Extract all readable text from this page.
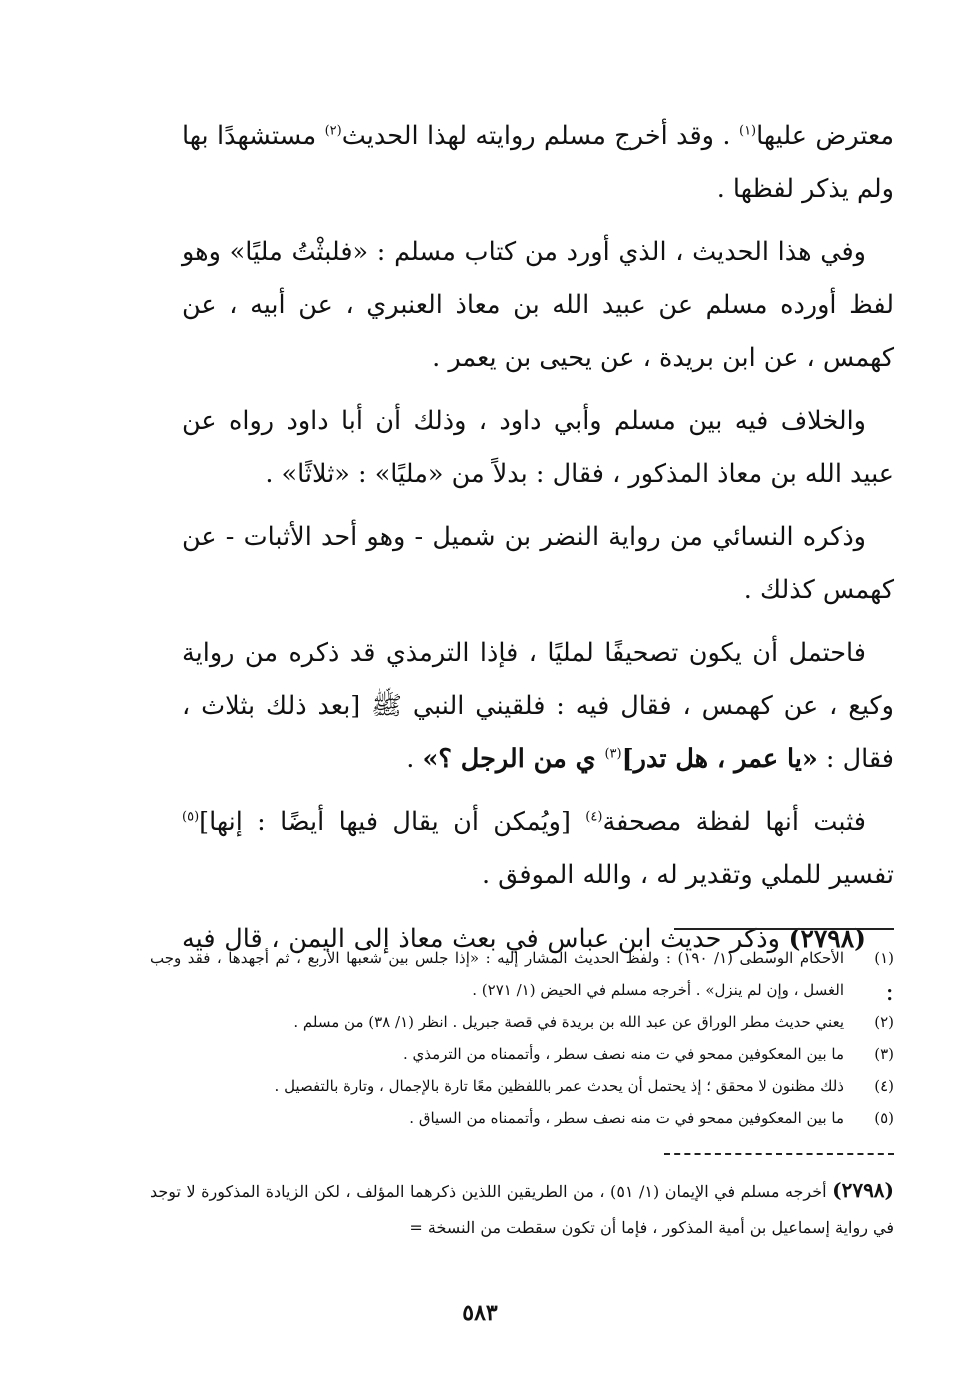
معترض عليها$^{(١)}$ . وقد أخرج مسلم روايته لهذا الحديث$^{(٢)}$ مستشهدًا بها ولم يذكر لفظها .

وفي هذا الحديث ، الذي أورد من كتاب مسلم : «فلبثْتُ مليًا» وهو لفظ أورده مسلم عن عبيد الله بن معاذ العنبري ، عن أبيه ، عن كهمس ، عن ابن بريدة ، عن يحيى بن يعمر .

والخلاف فيه بين مسلم وأبي داود ، وذلك أن أبا داود رواه عن عبيد الله بن معاذ المذكور ، فقال : بدلاً من «مليًا» : «ثلاثًا» .

وذكره النسائي من رواية النضر بن شميل - وهو أحد الأثبات - عن كهمس كذلك .

فاحتمل أن يكون تصحيفًا لمليًا ، فإذا الترمذي قد ذكره من رواية وكيع ، عن كهمس ، فقال فيه : فلقيني النبي ﷺ [بعد ذلك بثلاث ، فقال : «يا عمر ، هل تدر]$^{(٣)}$ ي من الرجل ؟» .

فثبت أنها لفظة مصحفة$^{(٤)}$ [ويُمكن أن يقال فيها أيضًا : إنها]$^{(٥)}$ تفسير للملي وتقدير له ، والله الموفق .

(٢٧٩٨) وذكر حديث ابن عباس في بعث معاذ إلى اليمن ، قال فيه :

(١)
الأحكام الوسطى (١/ ١٩٠) : ولفظ الحديث المشار إليه : «إذا جلس بين شعبها الأربع ، ثم أجهدها ، فقد وجب الغسل ، وإن لم ينزل» . أخرجه مسلم في الحيض (١/ ٢٧١) .
(٢)
يعني حديث مطر الوراق عن عبد الله بن بريدة في قصة جبريل . انظر (١/ ٣٨) من مسلم .
(٣)
ما بين المعكوفين ممحو في ت منه نصف سطر ، وأتممناه من الترمذي .
(٤)
ذلك مظنون لا محقق ؛ إذ يحتمل أن يحدث عمر باللفظين معًا تارة بالإجمال ، وتارة بالتفصيل .
(٥)
ما بين المعكوفين ممحو في ت منه نصف سطر ، وأتممناه من السياق .
(٢٧٩٨) أخرجه مسلم في الإيمان (١/ ٥١) ، من الطريقين اللذين ذكرهما المؤلف ، لكن الزيادة المذكورة لا توجد في رواية إسماعيل بن أمية المذكور ، فإما أن تكون سقطت من النسخة =
٥٨٣
